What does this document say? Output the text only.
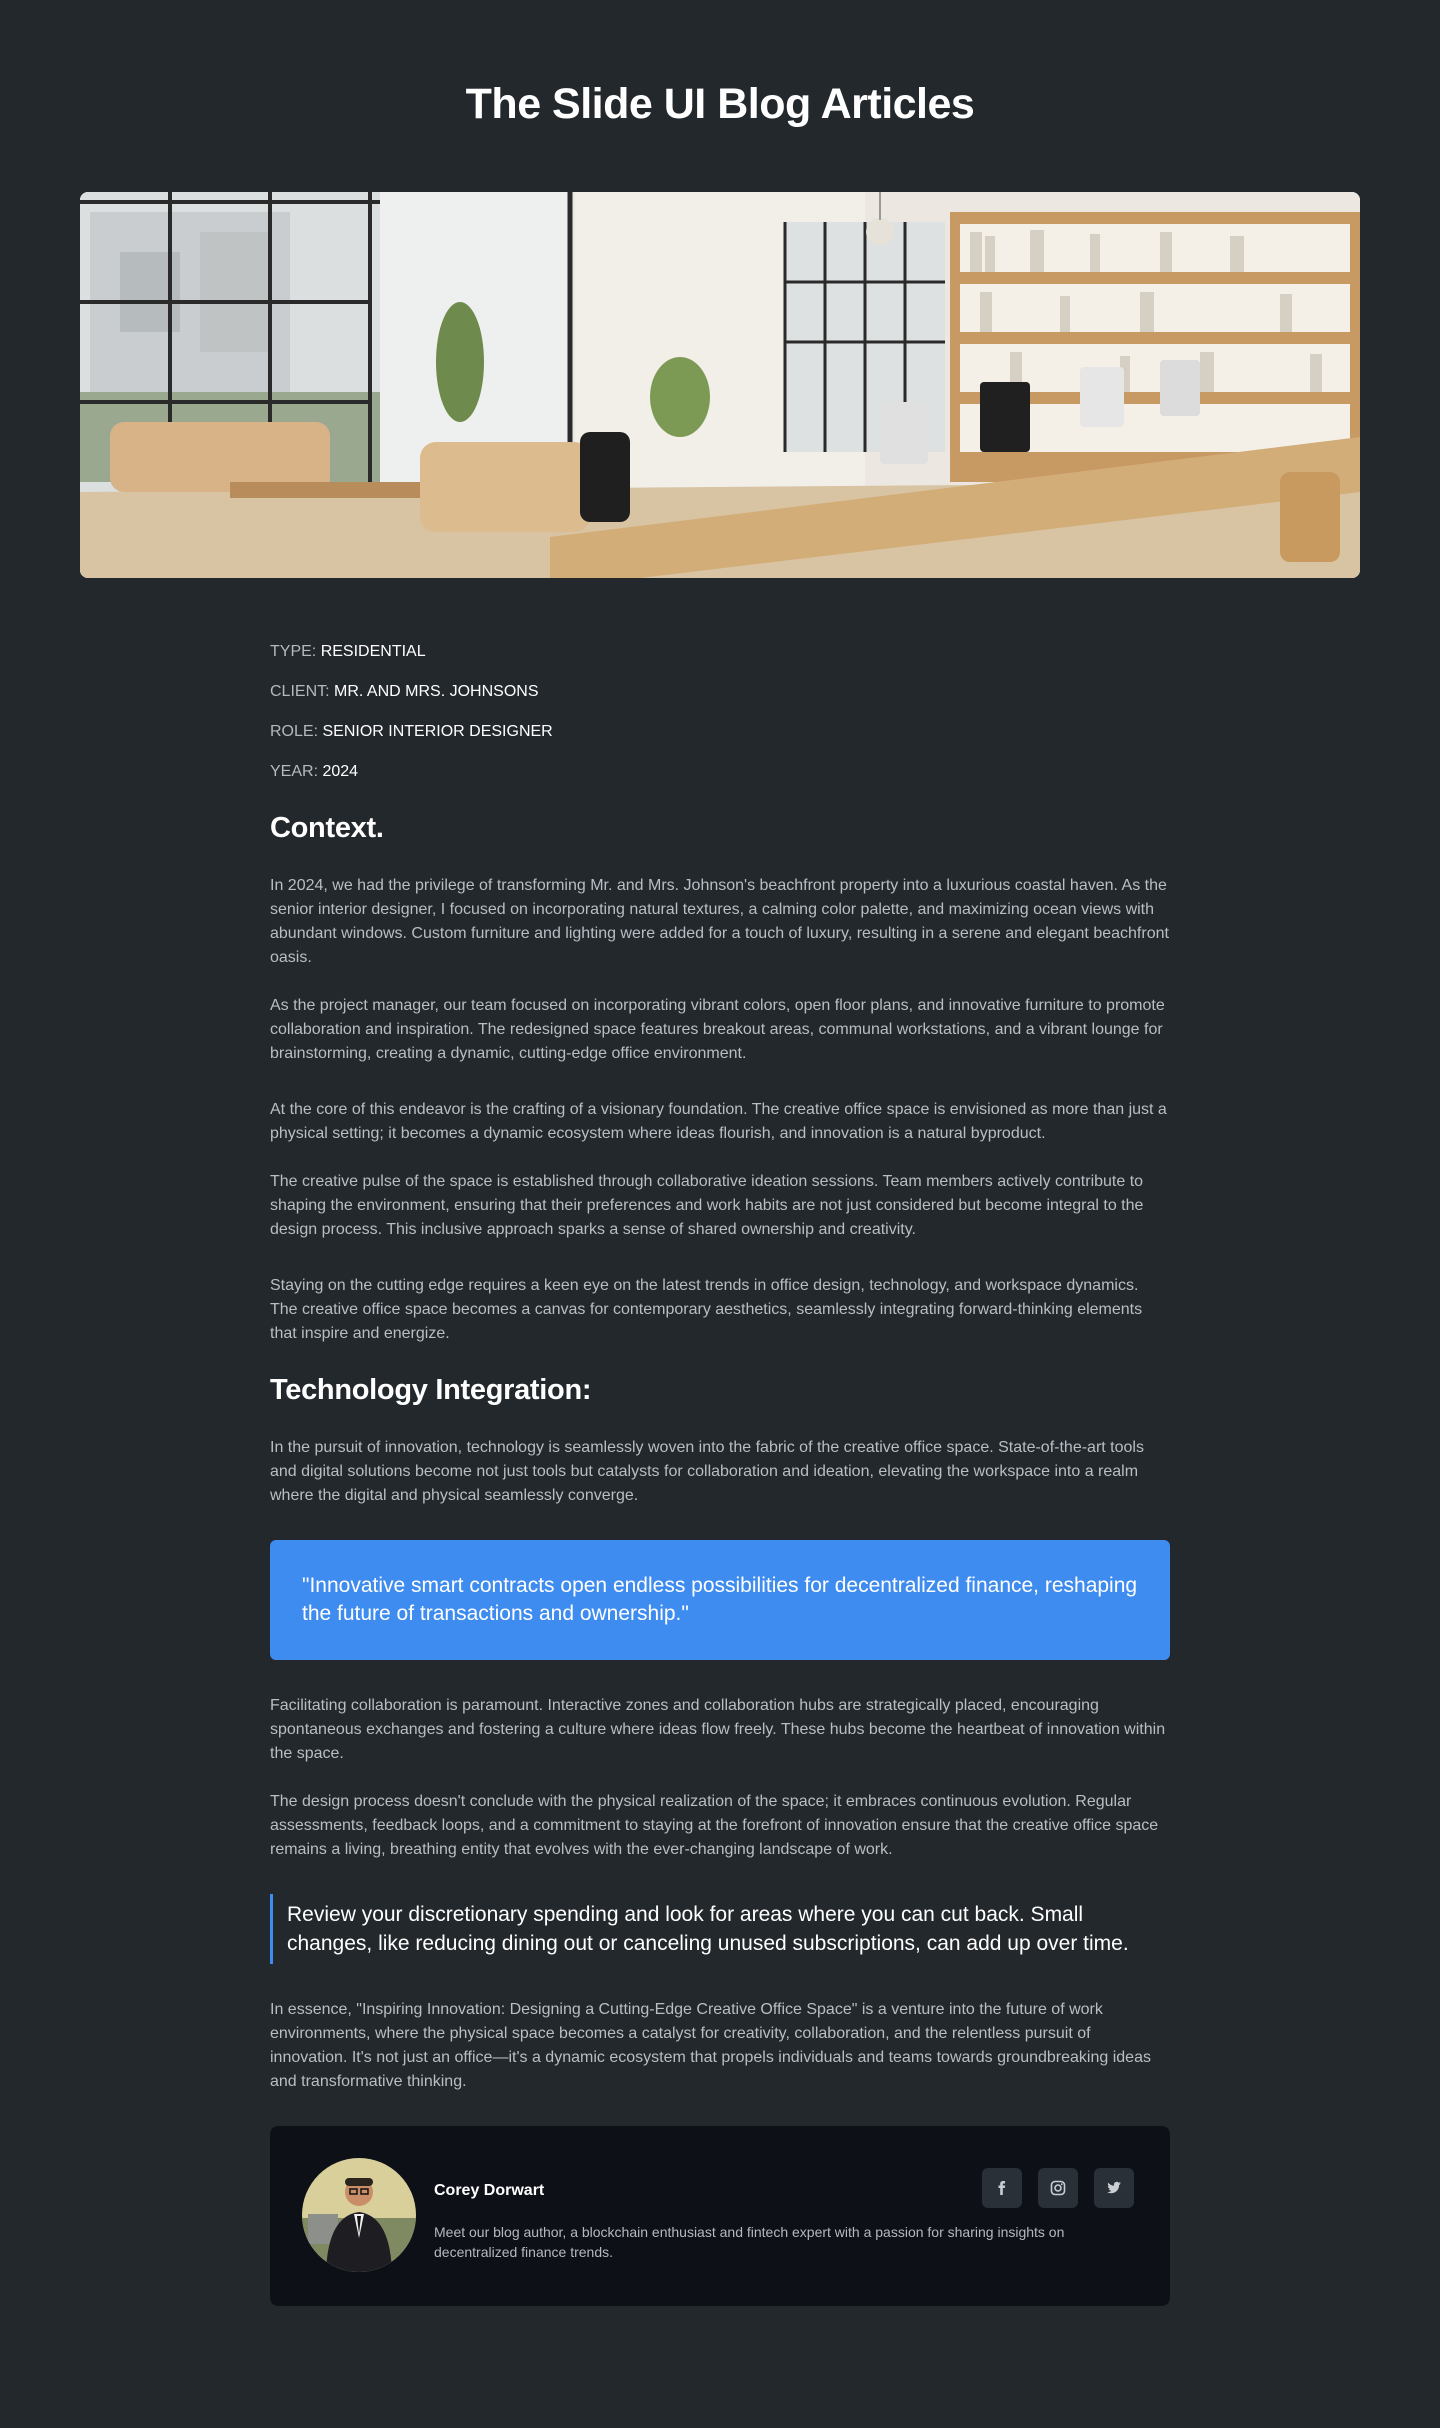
The Slide UI Blog Articles
TYPE: RESIDENTIAL
CLIENT: MR. AND MRS. JOHNSONS
ROLE: SENIOR INTERIOR DESIGNER
YEAR: 2024
Context.

In 2024, we had the privilege of transforming Mr. and Mrs. Johnson's beachfront property into a luxurious coastal haven. As the senior interior designer, I focused on incorporating natural textures, a calming color palette, and maximizing ocean views with abundant windows. Custom furniture and lighting were added for a touch of luxury, resulting in a serene and elegant beachfront oasis.

As the project manager, our team focused on incorporating vibrant colors, open floor plans, and innovative furniture to promote collaboration and inspiration. The redesigned space features breakout areas, communal workstations, and a vibrant lounge for brainstorming, creating a dynamic, cutting-edge office environment.

At the core of this endeavor is the crafting of a visionary foundation. The creative office space is envisioned as more than just a physical setting; it becomes a dynamic ecosystem where ideas flourish, and innovation is a natural byproduct.

The creative pulse of the space is established through collaborative ideation sessions. Team members actively contribute to shaping the environment, ensuring that their preferences and work habits are not just considered but become integral to the design process. This inclusive approach sparks a sense of shared ownership and creativity.

Staying on the cutting edge requires a keen eye on the latest trends in office design, technology, and workspace dynamics. The creative office space becomes a canvas for contemporary aesthetics, seamlessly integrating forward-thinking elements that inspire and energize.

Technology Integration:

In the pursuit of innovation, technology is seamlessly woven into the fabric of the creative office space. State-of-the-art tools and digital solutions become not just tools but catalysts for collaboration and ideation, elevating the workspace into a realm where the digital and physical seamlessly converge.

"Innovative smart contracts open endless possibilities for decentralized finance, reshaping the future of transactions and ownership."

Facilitating collaboration is paramount. Interactive zones and collaboration hubs are strategically placed, encouraging spontaneous exchanges and fostering a culture where ideas flow freely. These hubs become the heartbeat of innovation within the space.

The design process doesn't conclude with the physical realization of the space; it embraces continuous evolution. Regular assessments, feedback loops, and a commitment to staying at the forefront of innovation ensure that the creative office space remains a living, breathing entity that evolves with the ever-changing landscape of work.

Review your discretionary spending and look for areas where you can cut back. Small changes, like reducing dining out or canceling unused subscriptions, can add up over time.

In essence, "Inspiring Innovation: Designing a Cutting-Edge Creative Office Space" is a venture into the future of work environments, where the physical space becomes a catalyst for creativity, collaboration, and the relentless pursuit of innovation. It's not just an office—it's a dynamic ecosystem that propels individuals and teams towards groundbreaking ideas and transformative thinking.

Corey Dorwart
Meet our blog author, a blockchain enthusiast and fintech expert with a passion for sharing insights on decentralized finance trends.
